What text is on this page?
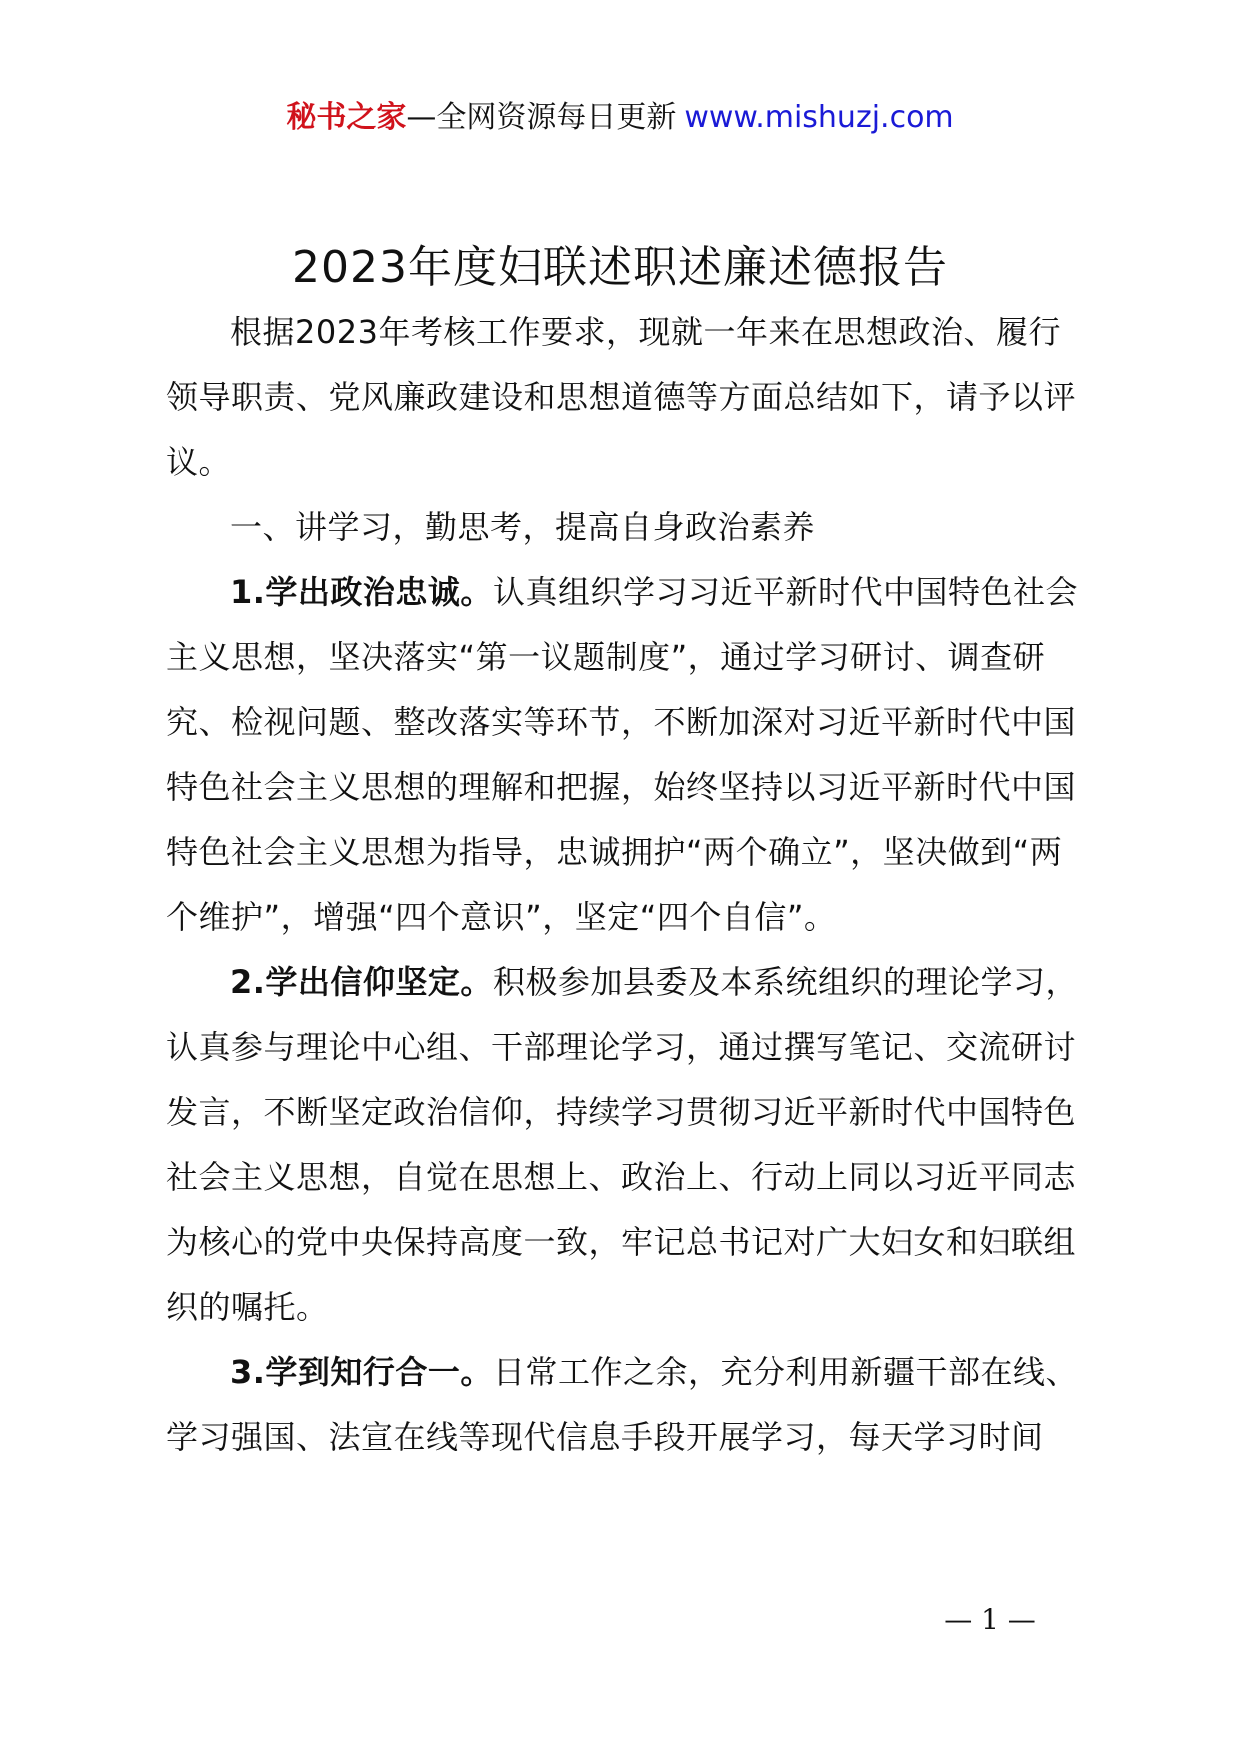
秘书之家—全网资源每日更新 www.mishuzj.com
2023年度妇联述职述廉述德报告

根据2023年考核工作要求，现就一年来在思想政治、履行领导职责、党风廉政建设和思想道德等方面总结如下，请予以评议。

一、讲学习，勤思考，提高自身政治素养

1.学出政治忠诚。认真组织学习习近平新时代中国特色社会主义思想，坚决落实“第一议题制度”，通过学习研讨、调查研究、检视问题、整改落实等环节，不断加深对习近平新时代中国特色社会主义思想的理解和把握，始终坚持以习近平新时代中国特色社会主义思想为指导，忠诚拥护“两个确立”，坚决做到“两个维护”，增强“四个意识”，坚定“四个自信”。

2.学出信仰坚定。积极参加县委及本系统组织的理论学习，认真参与理论中心组、干部理论学习，通过撰写笔记、交流研讨发言，不断坚定政治信仰，持续学习贯彻习近平新时代中国特色社会主义思想，自觉在思想上、政治上、行动上同以习近平同志为核心的党中央保持高度一致，牢记总书记对广大妇女和妇联组织的嘱托。

3.学到知行合一。日常工作之余，充分利用新疆干部在线、学习强国、法宣在线等现代信息手段开展学习，每天学习时间

— 1 —
